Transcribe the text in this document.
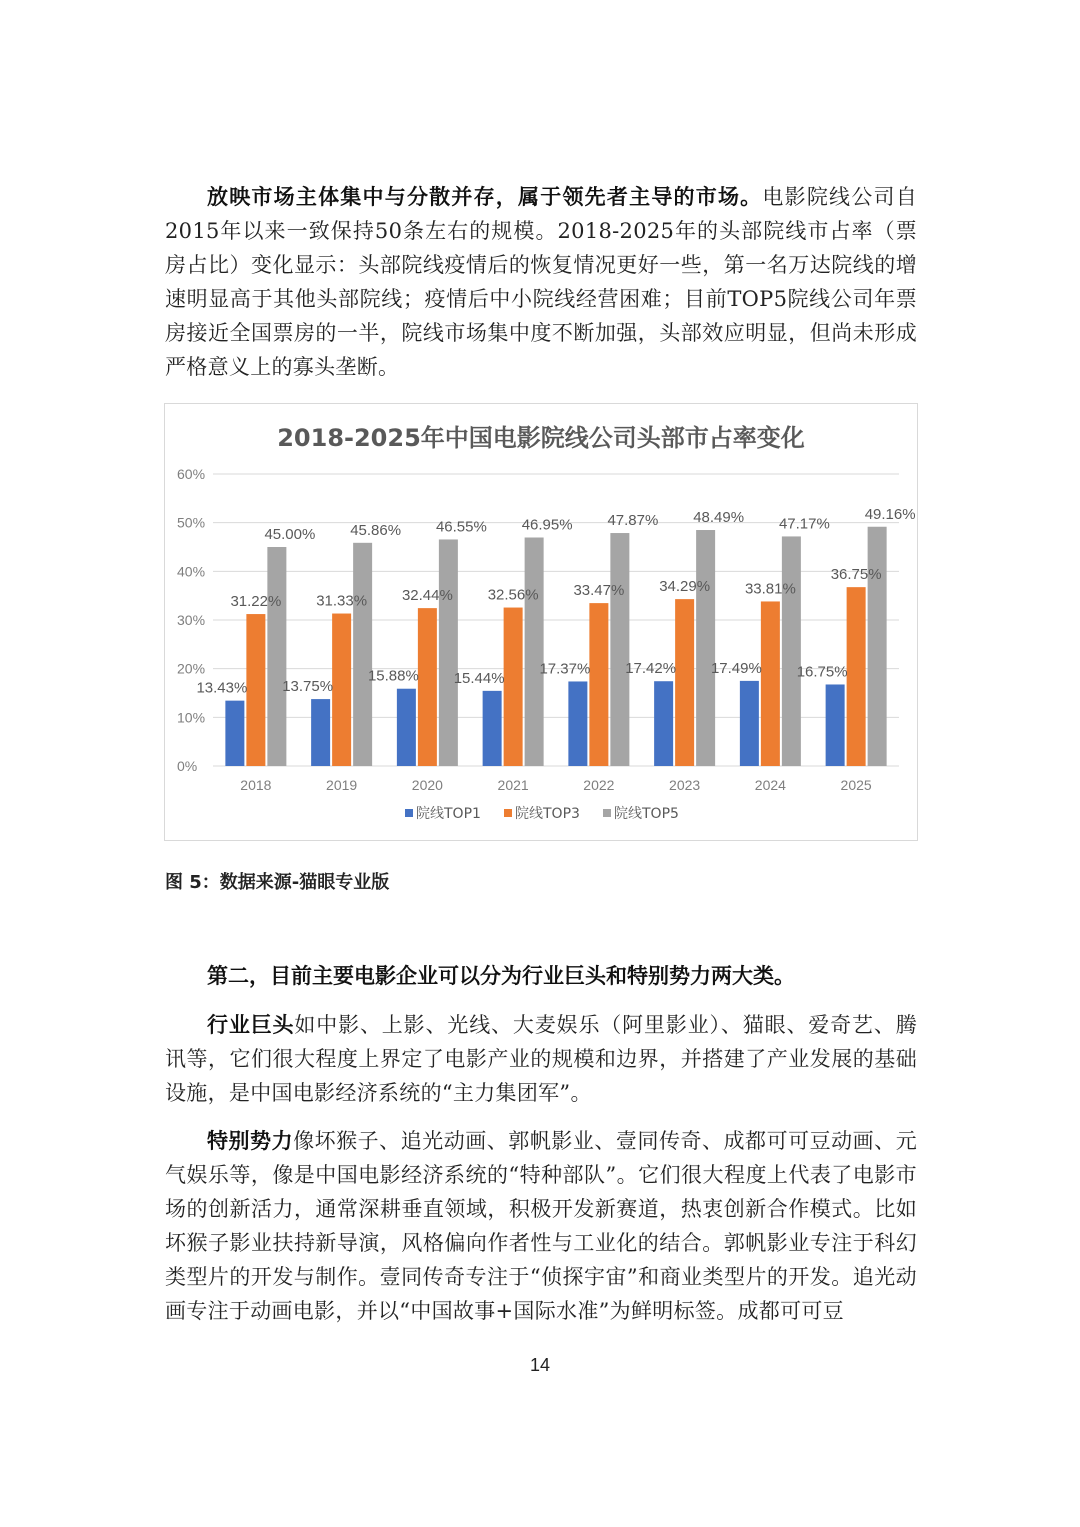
放映市场主体集中与分散并存，属于领先者主导的市场。电影院线公司自2015年以来一致保持50条左右的规模。2018-2025年的头部院线市占率（票房占比）变化显示：头部院线疫情后的恢复情况更好一些，第一名万达院线的增速明显高于其他头部院线；疫情后中小院线经营困难；目前TOP5院线公司年票房接近全国票房的一半，院线市场集中度不断加强，头部效应明显，但尚未形成严格意义上的寡头垄断。

2018-2025年中国电影院线公司头部市占率变化
13.43%
31.22%
45.00%
13.75%
31.33%
45.86%
15.88%
32.44%
46.55%
15.44%
32.56%
46.95%
17.37%
33.47%
47.87%
17.42%
34.29%
48.49%
17.49%
33.81%
47.17%
16.75%
36.75%
49.16%
0%
10%
20%
30%
40%
50%
60%
2018	2019	2020	2021	2022	2023	2024	2025
院线TOP1 院线TOP3 院线TOP5
图 5：数据来源-猫眼专业版
第二，目前主要电影企业可以分为行业巨头和特别势力两大类。

行业巨头如中影、上影、光线、大麦娱乐（阿里影业）、猫眼、爱奇艺、腾讯等，它们很大程度上界定了电影产业的规模和边界，并搭建了产业发展的基础设施，是中国电影经济系统的“主力集团军”。

特别势力像坏猴子、追光动画、郭帆影业、壹同传奇、成都可可豆动画、元气娱乐等，像是中国电影经济系统的“特种部队”。它们很大程度上代表了电影市场的创新活力，通常深耕垂直领域，积极开发新赛道，热衷创新合作模式。比如坏猴子影业扶持新导演，风格偏向作者性与工业化的结合。郭帆影业专注于科幻类型片的开发与制作。壹同传奇专注于“侦探宇宙”和商业类型片的开发。追光动画专注于动画电影，并以“中国故事+国际水准”为鲜明标签。成都可可豆

14
